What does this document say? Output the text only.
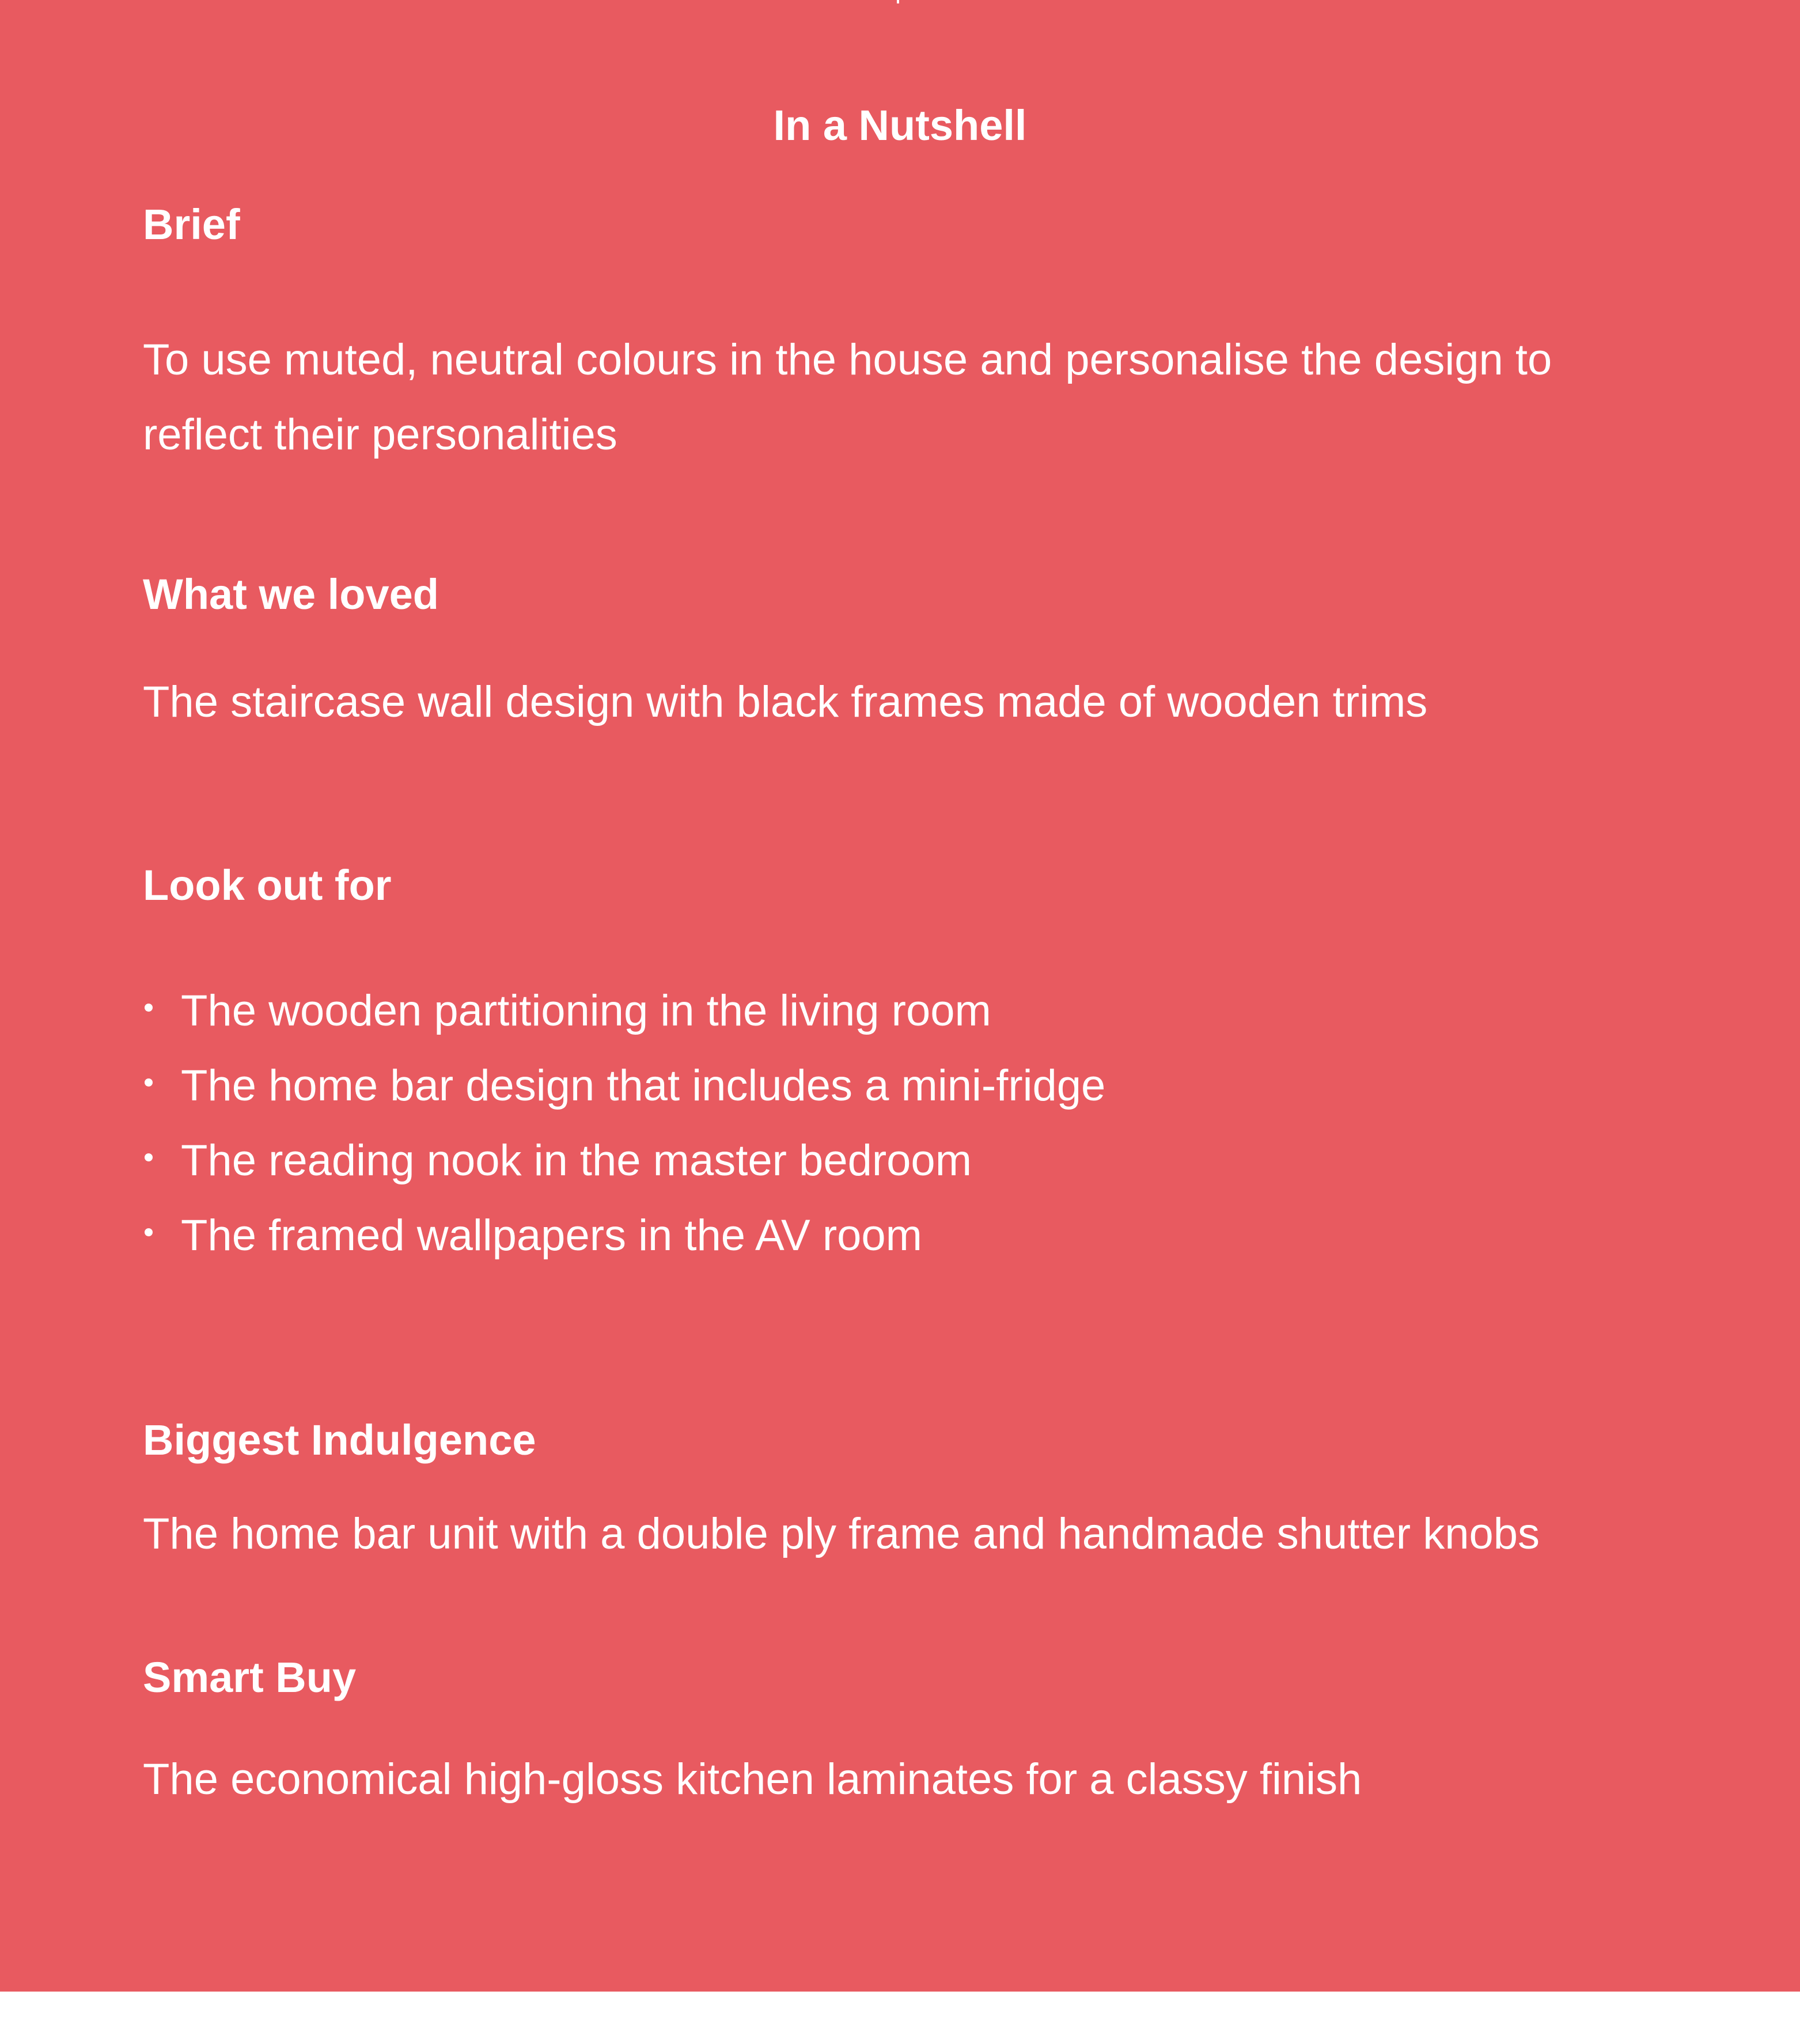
In a Nutshell
Brief
To use muted, neutral colours in the house and personalise the design to reflect their personalities
What we loved
The staircase wall design with black frames made of wooden trims
Look out for
The wooden partitioning in the living room
The home bar design that includes a mini-fridge
The reading nook in the master bedroom
The framed wallpapers in the AV room
Biggest Indulgence
The home bar unit with a double ply frame and handmade shutter knobs
Smart Buy
The economical high-gloss kitchen laminates for a classy finish
